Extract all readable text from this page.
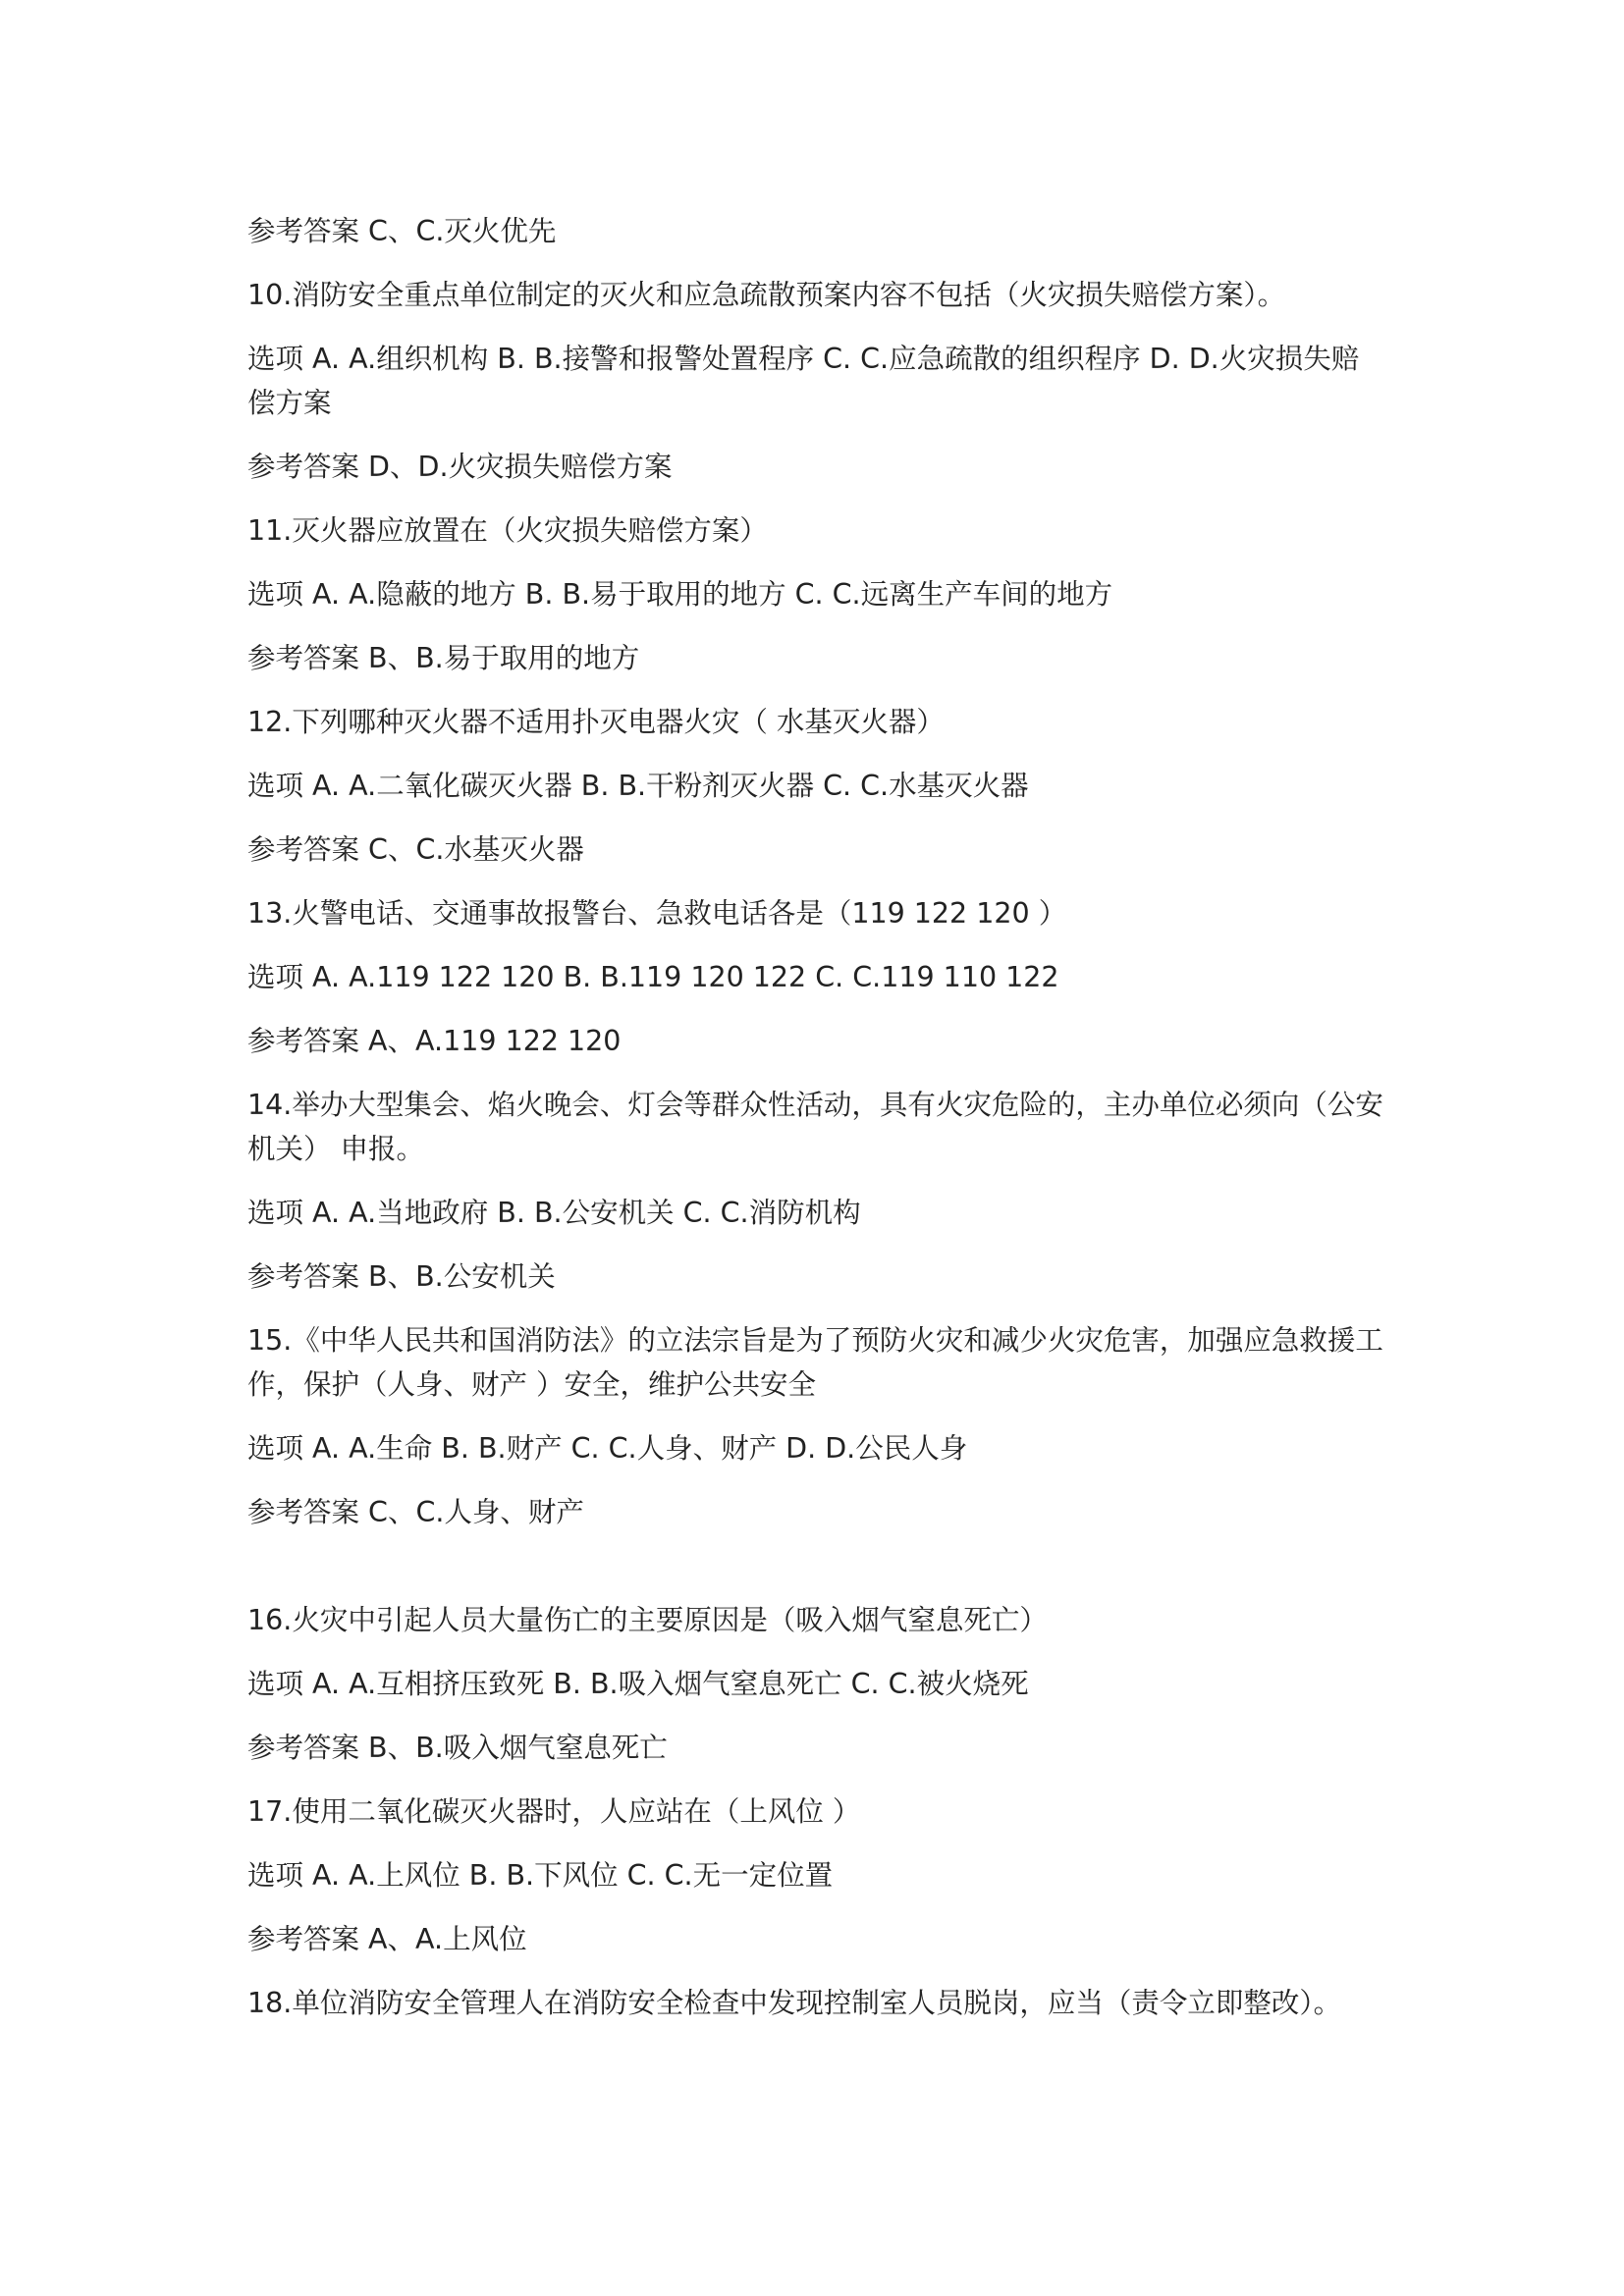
参考答案 C、C.灭火优先

10.消防安全重点单位制定的灭火和应急疏散预案内容不包括（火灾损失赔偿方案）。

选项 A. A.组织机构 B. B.接警和报警处置程序 C. C.应急疏散的组织程序 D. D.火灾损失赔偿方案

参考答案 D、D.火灾损失赔偿方案

11.灭火器应放置在（火灾损失赔偿方案）

选项 A. A.隐蔽的地方 B. B.易于取用的地方 C. C.远离生产车间的地方

参考答案 B、B.易于取用的地方

12.下列哪种灭火器不适用扑灭电器火灾（ 水基灭火器）

选项 A. A.二氧化碳灭火器 B. B.干粉剂灭火器 C. C.水基灭火器

参考答案 C、C.水基灭火器

13.火警电话、交通事故报警台、急救电话各是（119 122 120 ）

选项 A. A.119 122 120 B. B.119 120 122 C. C.119 110 122

参考答案 A、A.119 122 120

14.举办大型集会、焰火晚会、灯会等群众性活动，具有火灾危险的，主办单位必须向（公安机关） 申报。

选项 A. A.当地政府 B. B.公安机关 C. C.消防机构

参考答案 B、B.公安机关

15.《中华人民共和国消防法》的立法宗旨是为了预防火灾和减少火灾危害，加强应急救援工作，保护（人身、财产 ）安全，维护公共安全

选项 A. A.生命 B. B.财产 C. C.人身、财产 D. D.公民人身

参考答案 C、C.人身、财产

16.火灾中引起人员大量伤亡的主要原因是（吸入烟气窒息死亡）

选项 A. A.互相挤压致死 B. B.吸入烟气窒息死亡 C. C.被火烧死

参考答案 B、B.吸入烟气窒息死亡

17.使用二氧化碳灭火器时，人应站在（上风位 ）

选项 A. A.上风位 B. B.下风位 C. C.无一定位置

参考答案 A、A.上风位

18.单位消防安全管理人在消防安全检查中发现控制室人员脱岗，应当（责令立即整改）。
